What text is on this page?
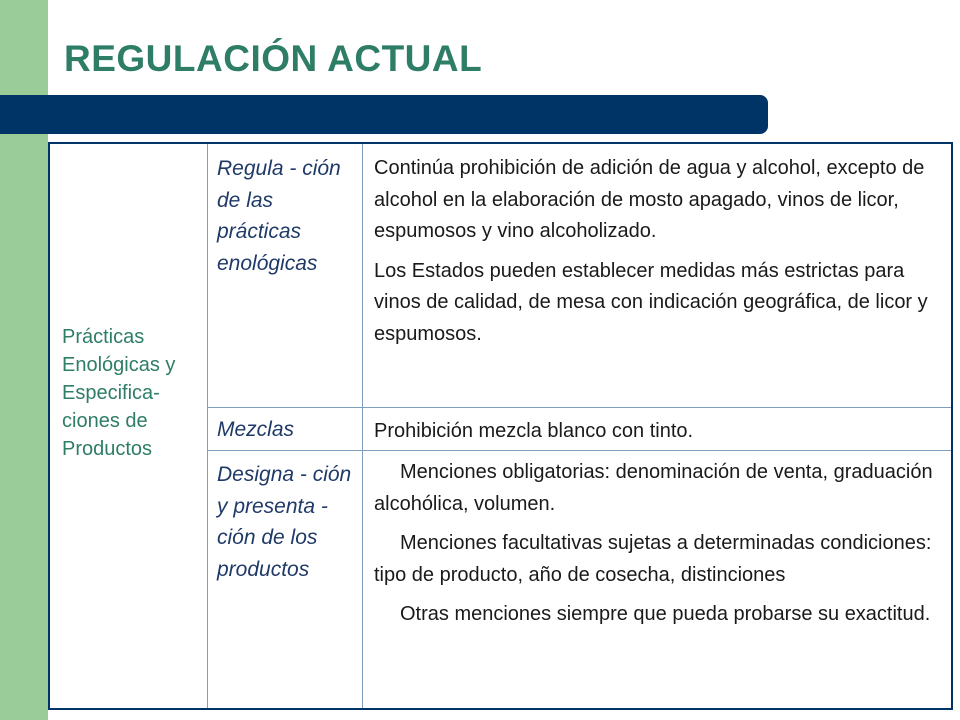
REGULACIÓN ACTUAL
Prácticas Enológicas y Especifica- ciones de Productos
Regula - ción de las prácticas enológicas

Continúa prohibición de adición de agua y alcohol, excepto de alcohol en la elaboración de mosto apagado, vinos de licor, espumosos y vino alcoholizado.

Los Estados pueden establecer medidas más estrictas para vinos de calidad, de mesa con indicación geográfica, de licor y espumosos.

Mezclas	Prohibición mezcla blanco con tinto.

Designa - ción y presenta - ción de los productos

Menciones obligatorias: denominación de venta, graduación alcohólica, volumen.

Menciones facultativas sujetas a determinadas condiciones: tipo de producto, año de cosecha, distinciones

Otras menciones siempre que pueda probarse su exactitud.
